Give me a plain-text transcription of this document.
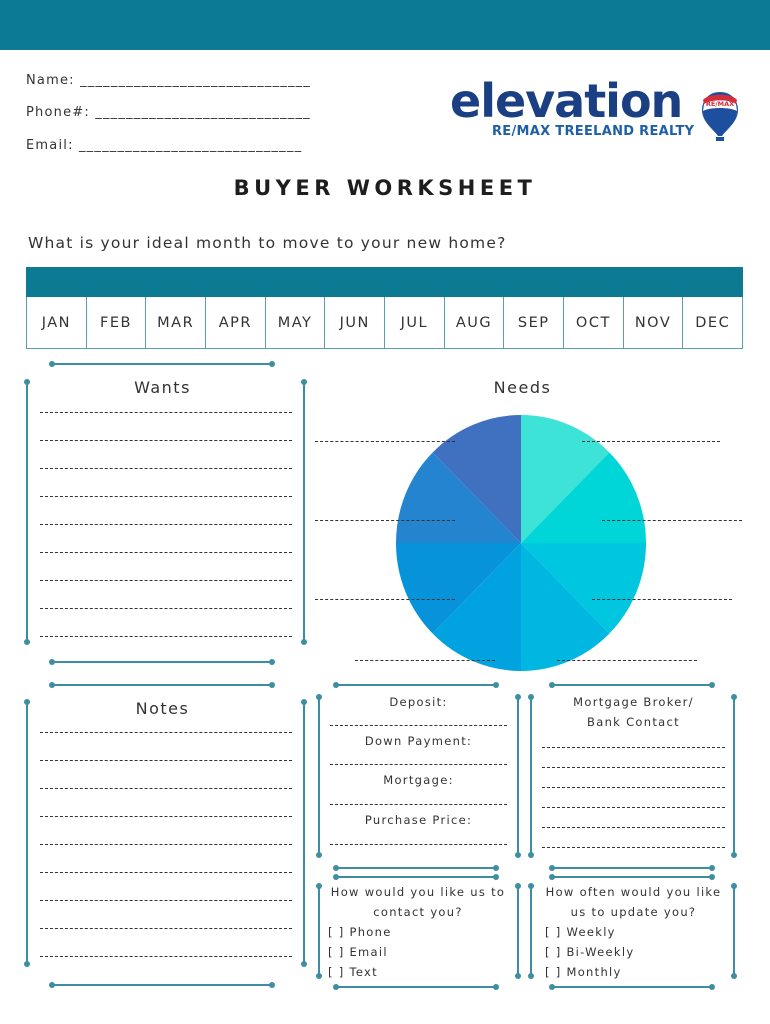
Name: ______________________________
Phone#: ____________________________
Email: _____________________________
elevation
RE/MAX TREELAND REALTY
RE/MAX
BUYER WORKSHEET
What is your ideal month to move to your new home?
JAN	FEB	MAR	APR	MAY	JUN	JUL	AUG	SEP	OCT	NOV	DEC
Wants	Needs
Notes	Deposit:
Down Payment:
Mortgage:
Purchase Price:
Mortgage Broker/
Bank Contact
How would you like us to
contact you?
[ ] Phone
[ ] Email
[ ] Text
How often would you like
us to update you?
[ ] Weekly
[ ] Bi-Weekly
[ ] Monthly
